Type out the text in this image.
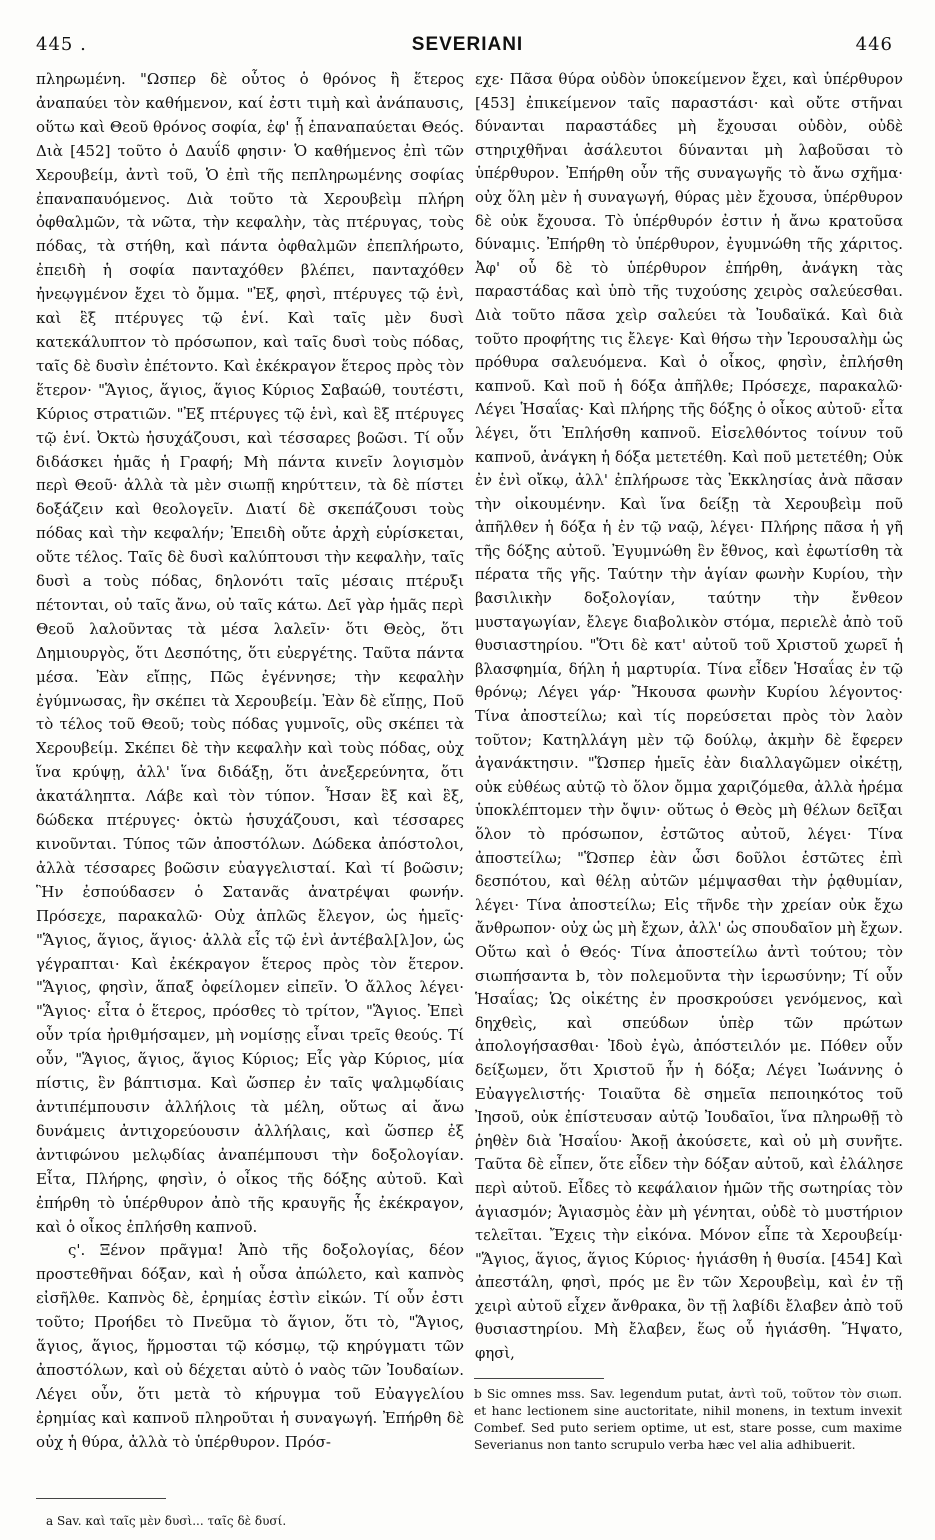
445 .	SEVERIANI	446

πληρωμένη. "Ωσπερ δὲ οὗτος ὁ θρόνος ἢ ἕτερος ἀναπαύει τὸν καθήμενον, καί ἐστι τιμὴ καὶ ἀνάπαυσις, οὕτω καὶ Θεοῦ θρόνος σοφία, ἐφ' ᾗ ἐπαναπαύεται Θεός. Διὰ [452] τοῦτο ὁ Δαυΐδ φησιν· Ὁ καθήμενος ἐπὶ τῶν Χερουβείμ, ἀντὶ τοῦ, Ὁ ἐπὶ τῆς πεπληρωμένης σοφίας ἐπαναπαυόμενος. Διὰ τοῦτο τὰ Χερουβεὶμ πλήρη ὀφθαλμῶν, τὰ νῶτα, τὴν κεφαλὴν, τὰς πτέρυγας, τοὺς πόδας, τὰ στήθη, καὶ πάντα ὀφθαλμῶν ἐπεπλήρωτο, ἐπειδὴ ἡ σοφία πανταχόθεν βλέπει, πανταχόθεν ἠνεῳγμένον ἔχει τὸ ὄμμα. "Ἐξ, φησὶ, πτέρυγες τῷ ἑνὶ, καὶ ἓξ πτέρυγες τῷ ἑνί. Καὶ ταῖς μὲν δυσὶ κατεκάλυπτον τὸ πρόσωπον, καὶ ταῖς δυσὶ τοὺς πόδας, ταῖς δὲ δυσὶν ἐπέτοντο. Καὶ ἐκέκραγον ἕτερος πρὸς τὸν ἕτερον· "Ἅγιος, ἅγιος, ἅγιος Κύριος Σαβαώθ, τουτέστι, Κύριος στρατιῶν. "Ἐξ πτέρυγες τῷ ἑνὶ, καὶ ἓξ πτέρυγες τῷ ἑνί. Ὀκτὼ ἡσυχάζουσι, καὶ τέσσαρες βοῶσι. Τί οὖν διδάσκει ἡμᾶς ἡ Γραφή; Μὴ πάντα κινεῖν λογισμὸν περὶ Θεοῦ· ἀλλὰ τὰ μὲν σιωπῇ κηρύττειν, τὰ δὲ πίστει δοξάζειν καὶ θεολογεῖν. Διατί δὲ σκεπάζουσι τοὺς πόδας καὶ τὴν κεφαλήν; Ἐπειδὴ οὔτε ἀρχὴ εὑρίσκεται, οὔτε τέλος. Ταῖς δὲ δυσὶ καλύπτουσι τὴν κεφαλὴν, ταῖς δυσὶ a τοὺς πόδας, δηλονότι ταῖς μέσαις πτέρυξι πέτονται, οὐ ταῖς ἄνω, οὐ ταῖς κάτω. Δεῖ γὰρ ἡμᾶς περὶ Θεοῦ λαλοῦντας τὰ μέσα λαλεῖν· ὅτι Θεὸς, ὅτι Δημιουργὸς, ὅτι Δεσπότης, ὅτι εὐεργέτης. Ταῦτα πάντα μέσα. Ἐὰν εἴπῃς, Πῶς ἐγέννησε; τὴν κεφαλὴν ἐγύμνωσας, ἣν σκέπει τὰ Χερουβείμ. Ἐὰν δὲ εἴπῃς, Ποῦ τὸ τέλος τοῦ Θεοῦ; τοὺς πόδας γυμνοῖς, οὓς σκέπει τὰ Χερουβείμ. Σκέπει δὲ τὴν κεφαλὴν καὶ τοὺς πόδας, οὐχ ἵνα κρύψῃ, ἀλλ' ἵνα διδάξῃ, ὅτι ἀνεξερεύνητα, ὅτι ἀκατάληπτα. Λάβε καὶ τὸν τύπον. Ἦσαν ἓξ καὶ ἓξ, δώδεκα πτέρυγες· ὀκτὼ ἡσυχάζουσι, καὶ τέσσαρες κινοῦνται. Τύπος τῶν ἀποστόλων. Δώδεκα ἀπόστολοι, ἀλλὰ τέσσαρες βοῶσιν εὐαγγελισταί. Καὶ τί βοῶσιν; Ἣν ἐσπούδασεν ὁ Σατανᾶς ἀνατρέψαι φωνήν. Πρόσεχε, παρακαλῶ· Οὐχ ἁπλῶς ἔλεγον, ὡς ἡμεῖς· "Ἅγιος, ἅγιος, ἅγιος· ἀλλὰ εἷς τῷ ἑνὶ ἀντέβαλ[λ]ον, ὡς γέγραπται· Καὶ ἐκέκραγον ἕτερος πρὸς τὸν ἕτερον. "Ἅγιος, φησὶν, ἅπαξ ὀφείλομεν εἰπεῖν. Ὁ ἄλλος λέγει· "Ἅγιος· εἶτα ὁ ἕτερος, πρόσθες τὸ τρίτον, "Ἅγιος. Ἐπεὶ οὖν τρία ἠριθμήσαμεν, μὴ νομίσῃς εἶναι τρεῖς θεούς. Τί οὖν, "Ἅγιος, ἅγιος, ἅγιος Κύριος; Εἷς γὰρ Κύριος, μία πίστις, ἓν βάπτισμα. Καὶ ὥσπερ ἐν ταῖς ψαλμῳδίαις ἀντιπέμπουσιν ἀλλήλοις τὰ μέλη, οὕτως αἱ ἄνω δυνάμεις ἀντιχορεύουσιν ἀλλήλαις, καὶ ὥσπερ ἐξ ἀντιφώνου μελῳδίας ἀναπέμπουσι τὴν δοξολογίαν. Εἶτα, Πλήρης, φησὶν, ὁ οἶκος τῆς δόξης αὐτοῦ. Καὶ ἐπήρθη τὸ ὑπέρθυρον ἀπὸ τῆς κραυγῆς ἧς ἐκέκραγον, καὶ ὁ οἶκος ἐπλήσθη καπνοῦ.

ς'. Ξένον πρᾶγμα! Ἀπὸ τῆς δοξολογίας, δέον προστεθῆναι δόξαν, καὶ ἡ οὖσα ἀπώλετο, καὶ καπνὸς εἰσῆλθε. Καπνὸς δὲ, ἐρημίας ἐστὶν εἰκών. Τί οὖν ἐστι τοῦτο; Προήδει τὸ Πνεῦμα τὸ ἅγιον, ὅτι τὸ, "Ἅγιος, ἅγιος, ἅγιος, ἥρμοσται τῷ κόσμῳ, τῷ κηρύγματι τῶν ἀποστόλων, καὶ οὐ δέχεται αὐτὸ ὁ ναὸς τῶν Ἰουδαίων. Λέγει οὖν, ὅτι μετὰ τὸ κήρυγμα τοῦ Εὐαγγελίου ἐρημίας καὶ καπνοῦ πληροῦται ἡ συναγωγή. Ἐπήρθη δὲ οὐχ ἡ θύρα, ἀλλὰ τὸ ὑπέρθυρον. Πρόσ-

εχε· Πᾶσα θύρα οὐδὸν ὑποκείμενον ἔχει, καὶ ὑπέρθυρον [453] ἐπικείμενον ταῖς παραστάσι· καὶ οὔτε στῆναι δύνανται παραστάδες μὴ ἔχουσαι οὐδὸν, οὐδὲ στηριχθῆναι ἀσάλευτοι δύνανται μὴ λαβοῦσαι τὸ ὑπέρθυρον. Ἐπήρθη οὖν τῆς συναγωγῆς τὸ ἄνω σχῆμα· οὐχ ὅλη μὲν ἡ συναγωγή, θύρας μὲν ἔχουσα, ὑπέρθυρον δὲ οὐκ ἔχουσα. Τὸ ὑπέρθυρόν ἐστιν ἡ ἄνω κρατοῦσα δύναμις. Ἐπήρθη τὸ ὑπέρθυρον, ἐγυμνώθη τῆς χάριτος. Ἀφ' οὗ δὲ τὸ ὑπέρθυρον ἐπήρθη, ἀνάγκη τὰς παραστάδας καὶ ὑπὸ τῆς τυχούσης χειρὸς σαλεύεσθαι. Διὰ τοῦτο πᾶσα χεὶρ σαλεύει τὰ Ἰουδαϊκά. Καὶ διὰ τοῦτο προφήτης τις ἔλεγε· Καὶ θήσω τὴν Ἱερουσαλὴμ ὡς πρόθυρα σαλευόμενα. Καὶ ὁ οἶκος, φησὶν, ἐπλήσθη καπνοῦ. Καὶ ποῦ ἡ δόξα ἀπῆλθε; Πρόσεχε, παρακαλῶ· Λέγει Ἡσαΐας· Καὶ πλήρης τῆς δόξης ὁ οἶκος αὐτοῦ· εἶτα λέγει, ὅτι Ἐπλήσθη καπνοῦ. Εἰσελθόντος τοίνυν τοῦ καπνοῦ, ἀνάγκη ἡ δόξα μετετέθη. Καὶ ποῦ μετετέθη; Οὐκ ἐν ἑνὶ οἴκῳ, ἀλλ' ἐπλήρωσε τὰς Ἐκκλησίας ἀνὰ πᾶσαν τὴν οἰκουμένην. Καὶ ἵνα δείξῃ τὰ Χερουβεὶμ ποῦ ἀπῆλθεν ἡ δόξα ἡ ἐν τῷ ναῷ, λέγει· Πλήρης πᾶσα ἡ γῆ τῆς δόξης αὐτοῦ. Ἐγυμνώθη ἓν ἔθνος, καὶ ἐφωτίσθη τὰ πέρατα τῆς γῆς. Ταύτην τὴν ἁγίαν φωνὴν Κυρίου, τὴν βασιλικὴν δοξολογίαν, ταύτην τὴν ἔνθεον μυσταγωγίαν, ἔλεγε διαβολικὸν στόμα, περιελὲ ἀπὸ τοῦ θυσιαστηρίου. "Ὅτι δὲ κατ' αὐτοῦ τοῦ Χριστοῦ χωρεῖ ἡ βλασφημία, δήλη ἡ μαρτυρία. Τίνα εἶδεν Ἡσαΐας ἐν τῷ θρόνῳ; Λέγει γάρ· Ἤκουσα φωνὴν Κυρίου λέγοντος· Τίνα ἀποστείλω; καὶ τίς πορεύσεται πρὸς τὸν λαὸν τοῦτον; Κατηλλάγη μὲν τῷ δούλῳ, ἀκμὴν δὲ ἔφερεν ἀγανάκτησιν. "Ὥσπερ ἡμεῖς ἐὰν διαλλαγῶμεν οἰκέτῃ, οὐκ εὐθέως αὐτῷ τὸ ὅλον ὄμμα χαριζόμεθα, ἀλλὰ ἠρέμα ὑποκλέπτομεν τὴν ὄψιν· οὕτως ὁ Θεὸς μὴ θέλων δεῖξαι ὅλον τὸ πρόσωπον, ἐστῶτος αὐτοῦ, λέγει· Τίνα ἀποστείλω; "Ὥσπερ ἐὰν ὦσι δοῦλοι ἑστῶτες ἐπὶ δεσπότου, καὶ θέλῃ αὐτῶν μέμψασθαι τὴν ῥᾳθυμίαν, λέγει· Τίνα ἀποστείλω; Εἰς τῆνδε τὴν χρείαν οὐκ ἔχω ἄνθρωπον· οὐχ ὡς μὴ ἔχων, ἀλλ' ὡς σπουδαῖον μὴ ἔχων. Οὕτω καὶ ὁ Θεός· Τίνα ἀποστείλω ἀντὶ τούτου; τὸν σιωπήσαντα b, τὸν πολεμοῦντα τὴν ἱερωσύνην; Τί οὖν Ἡσαΐας; Ὡς οἰκέτης ἐν προσκρούσει γενόμενος, καὶ δηχθεὶς, καὶ σπεύδων ὑπὲρ τῶν πρώτων ἀπολογήσασθαι· Ἰδοὺ ἐγὼ, ἀπόστειλόν με. Πόθεν οὖν δείξωμεν, ὅτι Χριστοῦ ἦν ἡ δόξα; Λέγει Ἰωάννης ὁ Εὐαγγελιστής· Τοιαῦτα δὲ σημεῖα πεποιηκότος τοῦ Ἰησοῦ, οὐκ ἐπίστευσαν αὐτῷ Ἰουδαῖοι, ἵνα πληρωθῇ τὸ ῥηθὲν διὰ Ἡσαΐου· Ἀκοῇ ἀκούσετε, καὶ οὐ μὴ συνῆτε. Ταῦτα δὲ εἶπεν, ὅτε εἶδεν τὴν δόξαν αὐτοῦ, καὶ ἐλάλησε περὶ αὐτοῦ. Εἶδες τὸ κεφάλαιον ἡμῶν τῆς σωτηρίας τὸν ἁγιασμόν; Ἁγιασμὸς ἐὰν μὴ γένηται, οὐδὲ τὸ μυστήριον τελεῖται. Ἔχεις τὴν εἰκόνα. Μόνον εἶπε τὰ Χερουβείμ· "Ἅγιος, ἅγιος, ἅγιος Κύριος· ἡγιάσθη ἡ θυσία. [454] Καὶ ἀπεστάλη, φησὶ, πρός με ἓν τῶν Χερουβεὶμ, καὶ ἐν τῇ χειρὶ αὐτοῦ εἶχεν ἄνθρακα, ὃν τῇ λαβίδι ἔλαβεν ἀπὸ τοῦ θυσιαστηρίου. Μὴ ἔλαβεν, ἕως οὗ ἡγιάσθη. Ἥψατο, φησὶ,

a Sav. καὶ ταῖς μὲν δυσὶ... ταῖς δὲ δυσί.
b Sic omnes mss. Sav. legendum putat, ἀντὶ τοῦ, τοῦτον τὸν σιωπ. et hanc lectionem sine auctoritate, nihil monens, in textum invexit Combef. Sed puto seriem optime, ut est, stare posse, cum maxime Severianus non tanto scrupulo verba hæc vel alia adhibuerit.
